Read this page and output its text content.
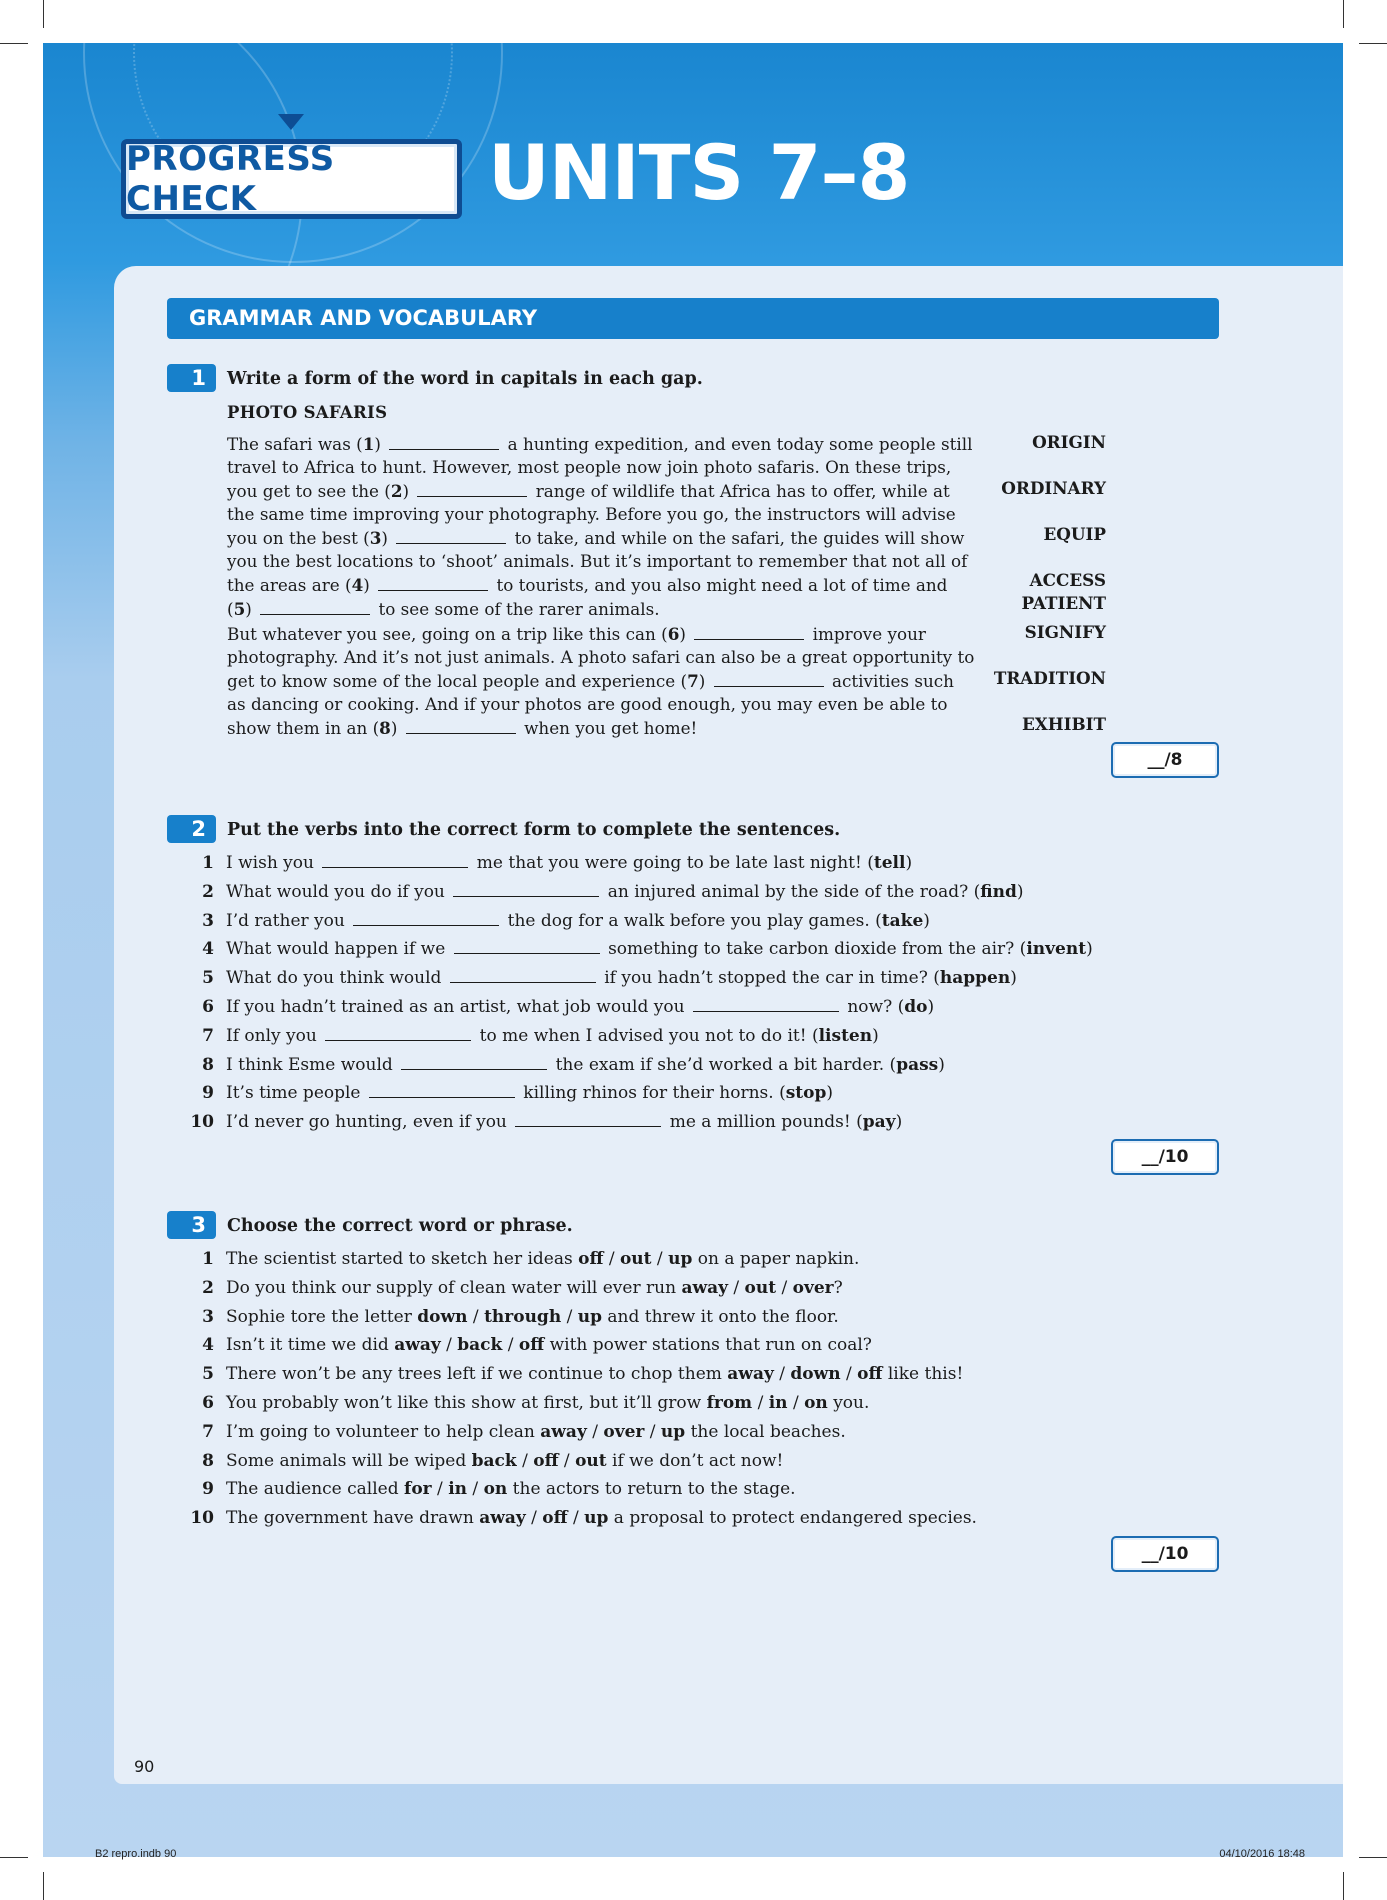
PROGRESS CHECK	UNITS 7–8
GRAMMAR AND VOCABULARY
1	Write a form of the word in capitals in each gap.
PHOTO SAFARIS
The safari was (1)	a hunting expedition, and even today some people still travel to Africa to hunt. However, most people now join photo safaris. On these trips, you get to see the (2)	range of wildlife that Africa has to offer, while at the same time improving your photography. Before you go, the instructors will advise you on the best (3)	to take, and while on the safari, the guides will show you the best locations to ‘shoot’ animals. But it’s important to remember that not all of the areas are (4)	to tourists, and you also might need a lot of time and (5)	to see some of the rarer animals.
But whatever you see, going on a trip like this can (6)	improve your photography. And it’s not just animals. A photo safari can also be a great opportunity to get to know some of the local people and experience (7)	activities such as dancing or cooking. And if your photos are good enough, you may even be able to show them in an (8)	when you get home!
ORIGIN
ORDINARY
EQUIP
ACCESS
PATIENT
SIGNIFY
TRADITION
EXHIBIT
__/8
2	Put the verbs into the correct form to complete the sentences.
1 I wish you	me that you were going to be late last night! (tell)
2 What would you do if you	an injured animal by the side of the road? (find)
3 I’d rather you	the dog for a walk before you play games. (take)
4 What would happen if we	something to take carbon dioxide from the air? (invent)
5 What do you think would	if you hadn’t stopped the car in time? (happen)
6 If you hadn’t trained as an artist, what job would you	now? (do)
7 If only you	to me when I advised you not to do it! (listen)
8 I think Esme would	the exam if she’d worked a bit harder. (pass)
9 It’s time people	killing rhinos for their horns. (stop)
10 I’d never go hunting, even if you	me a million pounds! (pay)
__/10
3	Choose the correct word or phrase.
1 The scientist started to sketch her ideas off / out / up on a paper napkin.
2 Do you think our supply of clean water will ever run away / out / over?
3 Sophie tore the letter down / through / up and threw it onto the floor.
4 Isn’t it time we did away / back / off with power stations that run on coal?
5 There won’t be any trees left if we continue to chop them away / down / off like this!
6 You probably won’t like this show at first, but it’ll grow from / in / on you.
7 I’m going to volunteer to help clean away / over / up the local beaches.
8 Some animals will be wiped back / off / out if we don’t act now!
9 The audience called for / in / on the actors to return to the stage.
10 The government have drawn away / off / up a proposal to protect endangered species.
__/10
90
B2 repro.indb 90	04/10/2016 18:48
